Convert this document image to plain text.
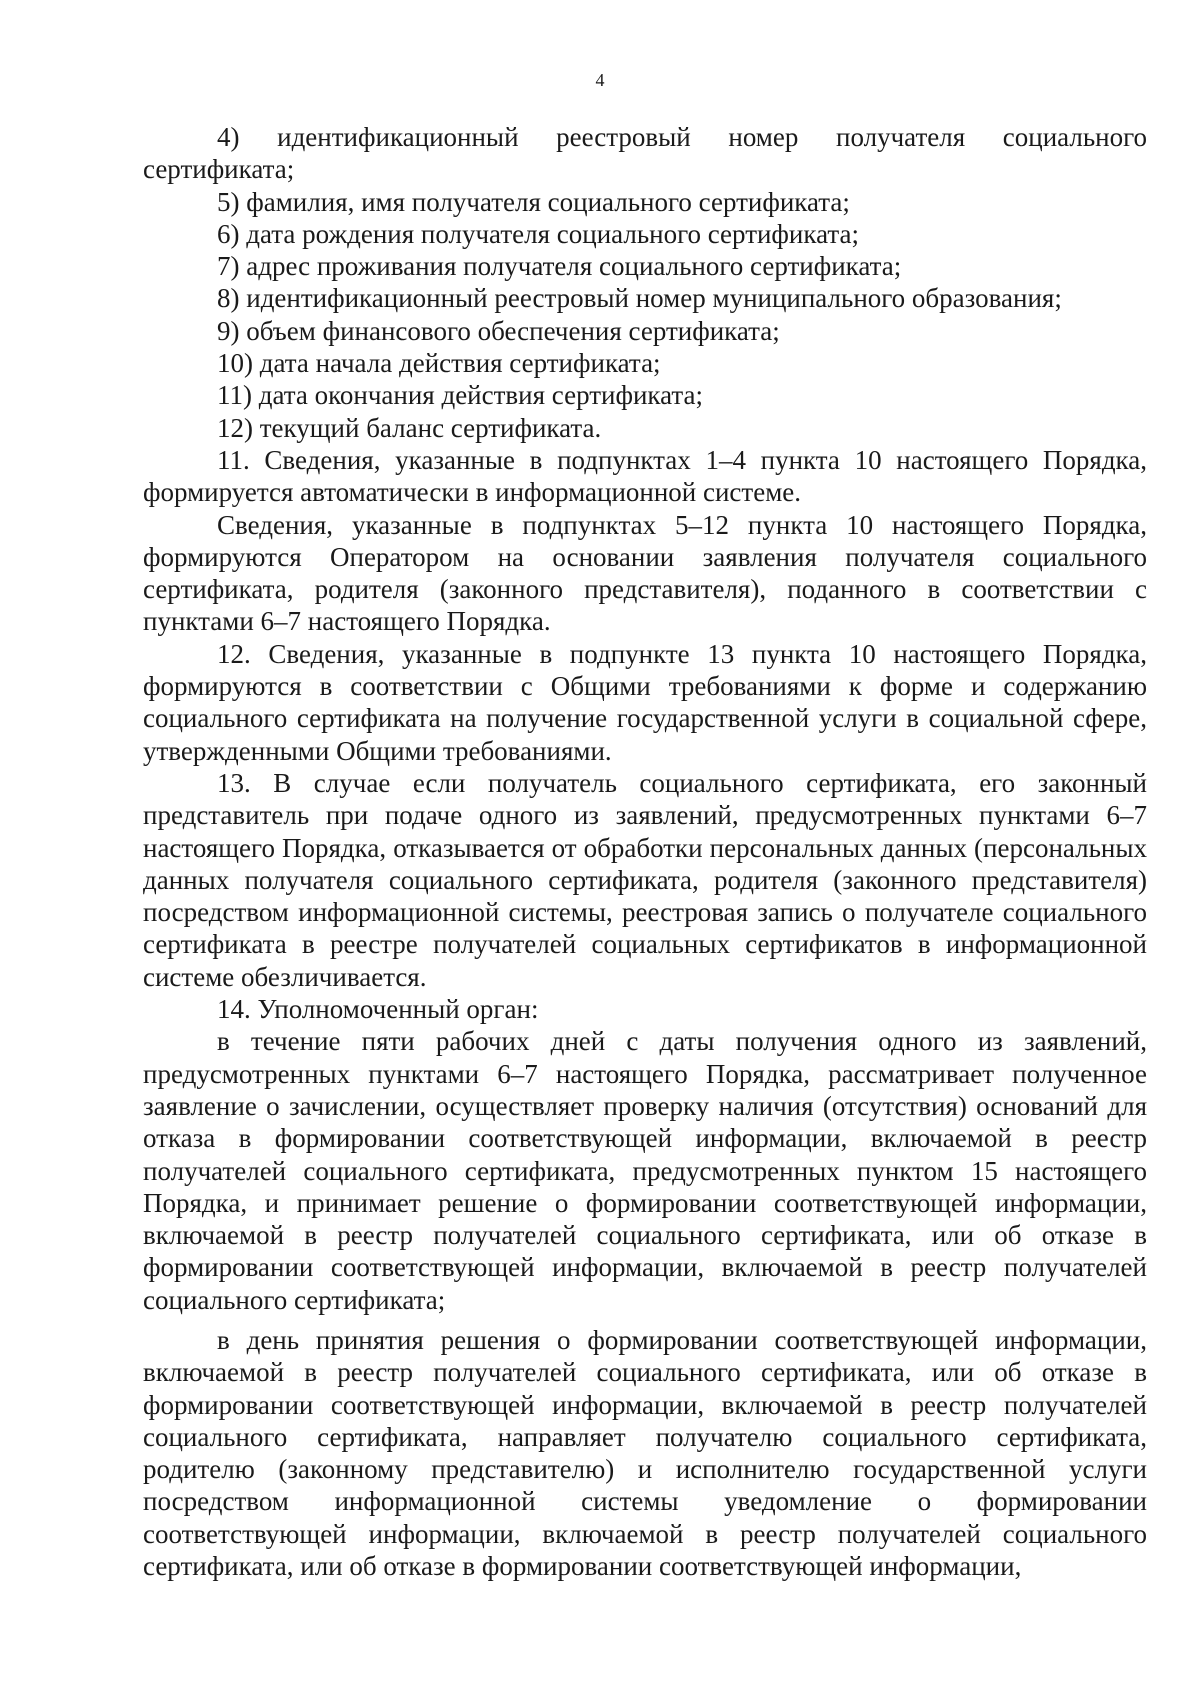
4

4) идентификационный реестровый номер получателя социального сертификата;

5) фамилия, имя получателя социального сертификата;

6) дата рождения получателя социального сертификата;

7) адрес проживания получателя социального сертификата;

8) идентификационный реестровый номер муниципального образования;

9) объем финансового обеспечения сертификата;

10) дата начала действия сертификата;

11) дата окончания действия сертификата;

12) текущий баланс сертификата.

11. Сведения, указанные в подпунктах 1–4 пункта 10 настоящего Порядка, формируется автоматически в информационной системе.

Сведения, указанные в подпунктах 5–12 пункта 10 настоящего Порядка, формируются Оператором на основании заявления получателя социального сертификата, родителя (законного представителя), поданного в соответствии с пунктами 6–7 настоящего Порядка.

12. Сведения, указанные в подпункте 13 пункта 10 настоящего Порядка, формируются в соответствии с Общими требованиями к форме и содержанию социального сертификата на получение государственной услуги в социальной сфере, утвержденными Общими требованиями.

13. В случае если получатель социального сертификата, его законный представитель при подаче одного из заявлений, предусмотренных пунктами 6–7 настоящего Порядка, отказывается от обработки персональных данных (персональных данных получателя социального сертификата, родителя (законного представителя) посредством информационной системы, реестровая запись о получателе социального сертификата в реестре получателей социальных сертификатов в информационной системе обезличивается.

14. Уполномоченный орган:

в течение пяти рабочих дней с даты получения одного из заявлений, предусмотренных пунктами 6–7 настоящего Порядка, рассматривает полученное заявление о зачислении, осуществляет проверку наличия (отсутствия) оснований для отказа в формировании соответствующей информации, включаемой в реестр получателей социального сертификата, предусмотренных пунктом 15 настоящего Порядка, и принимает решение о формировании соответствующей информации, включаемой в реестр получателей социального сертификата, или об отказе в формировании соответствующей информации, включаемой в реестр получателей социального сертификата;

в день принятия решения о формировании соответствующей информации, включаемой в реестр получателей социального сертификата, или об отказе в формировании соответствующей информации, включаемой в реестр получателей социального сертификата, направляет получателю социального сертификата, родителю (законному представителю) и исполнителю государственной услуги посредством информационной системы уведомление о формировании соответствующей информации, включаемой в реестр получателей социального сертификата, или об отказе в формировании соответствующей информации,
